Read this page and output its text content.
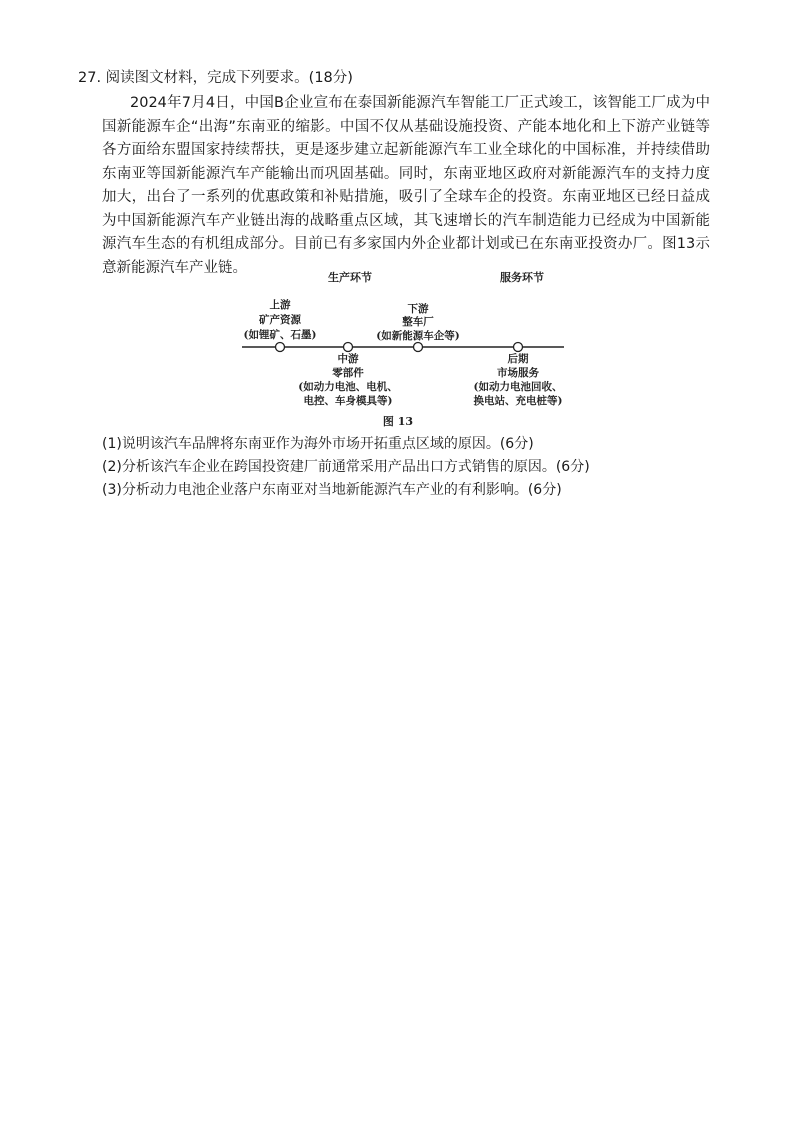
27. 阅读图文材料，完成下列要求。(18分)

2024年7月4日，中国B企业宣布在泰国新能源汽车智能工厂正式竣工，该智能工厂成为中国新能源车企“出海”东南亚的缩影。中国不仅从基础设施投资、产能本地化和上下游产业链等各方面给东盟国家持续帮扶，更是逐步建立起新能源汽车工业全球化的中国标准，并持续借助东南亚等国新能源汽车产能输出而巩固基础。同时，东南亚地区政府对新能源汽车的支持力度加大，出台了一系列的优惠政策和补贴措施，吸引了全球车企的投资。东南亚地区已经日益成为中国新能源汽车产业链出海的战略重点区域，其飞速增长的汽车制造能力已经成为中国新能源汽车生态的有机组成部分。目前已有多家国内外企业都计划或已在东南亚投资办厂。图13示意新能源汽车产业链。

生产环节	服务环节
上游
矿产资源
(如锂矿、石墨)
中游
零部件
(如动力电池、电机、
电控、车身模具等)
下游
整车厂
(如新能源车企等)
后期
市场服务
(如动力电池回收、
换电站、充电桩等)
图 13
(1)说明该汽车品牌将东南亚作为海外市场开拓重点区域的原因。(6分)
(2)分析该汽车企业在跨国投资建厂前通常采用产品出口方式销售的原因。(6分)
(3)分析动力电池企业落户东南亚对当地新能源汽车产业的有利影响。(6分)
